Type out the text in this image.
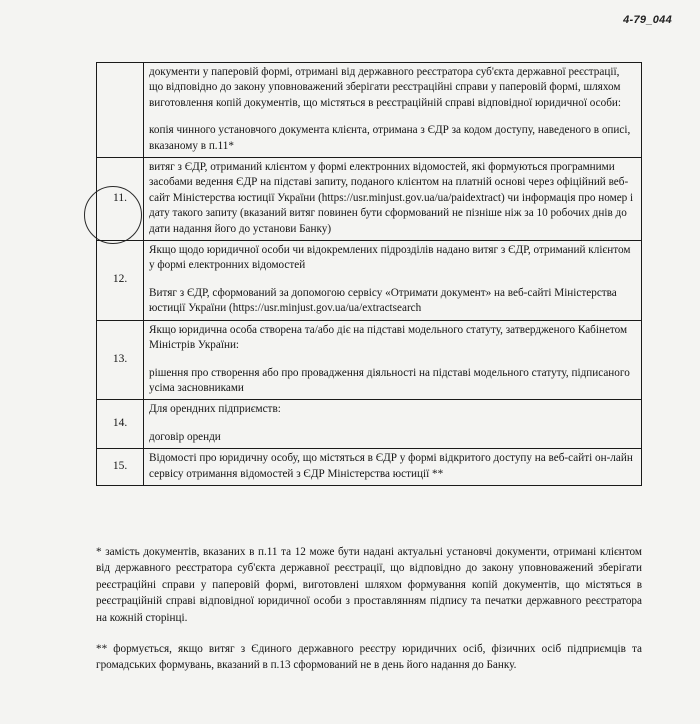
4-79_044

	документи у паперовій формі, отримані від державного реєстратора суб'єкта державної реєстрації, що відповідно до закону уповноважений зберігати реєстраційні справи у паперовій формі, шляхом виготовлення копій документів, що містяться в реєстраційній справі відповідної юридичної особи:

копія чинного установчого документа клієнта, отримана з ЄДР за кодом доступу, наведеного в описі, вказаному в п.11*

11.	витяг з ЄДР, отриманий клієнтом у формі електронних відомостей, які формуються програмними засобами ведення ЄДР на підставі запиту, поданого клієнтом на платній основі через офіційний веб-сайт Міністерства юстиції України (https://usr.minjust.gov.ua/ua/paidextract) чи інформація про номер і дату такого запиту (вказаний витяг повинен бути сформований не пізніше ніж за 10 робочих днів до дати надання його до установи Банку)

12.	Якщо щодо юридичної особи чи відокремлених підрозділів надано витяг з ЄДР, отриманий клієнтом у формі електронних відомостей

Витяг з ЄДР, сформований за допомогою сервісу «Отримати документ» на веб-сайті Міністерства юстиції України (https://usr.minjust.gov.ua/ua/extractsearch

13.	Якщо юридична особа створена та/або діє на підставі модельного статуту, затвердженого Кабінетом Міністрів України:

рішення про створення або про провадження діяльності на підставі модельного статуту, підписаного усіма засновниками

14.	Для орендних підприємств:

договір оренди

15.	Відомості про юридичну особу, що містяться в ЄДР у формі відкритого доступу на веб-сайті он-лайн сервісу отримання відомостей з ЄДР Міністерства юстиції **

* замість документів, вказаних в п.11 та 12 може бути надані актуальні установчі документи, отримані клієнтом від державного реєстратора суб'єкта державної реєстрації, що відповідно до закону уповноважений зберігати реєстраційні справи у паперовій формі, виготовлені шляхом формування копій документів, що містяться в реєстраційній справі відповідної юридичної особи з проставлянням підпису та печатки державного реєстратора на кожній сторінці.

** формується, якщо витяг з Єдиного державного реєстру юридичних осіб, фізичних осіб підприємців та громадських формувань, вказаний в п.13 сформований не в день його надання до Банку.
